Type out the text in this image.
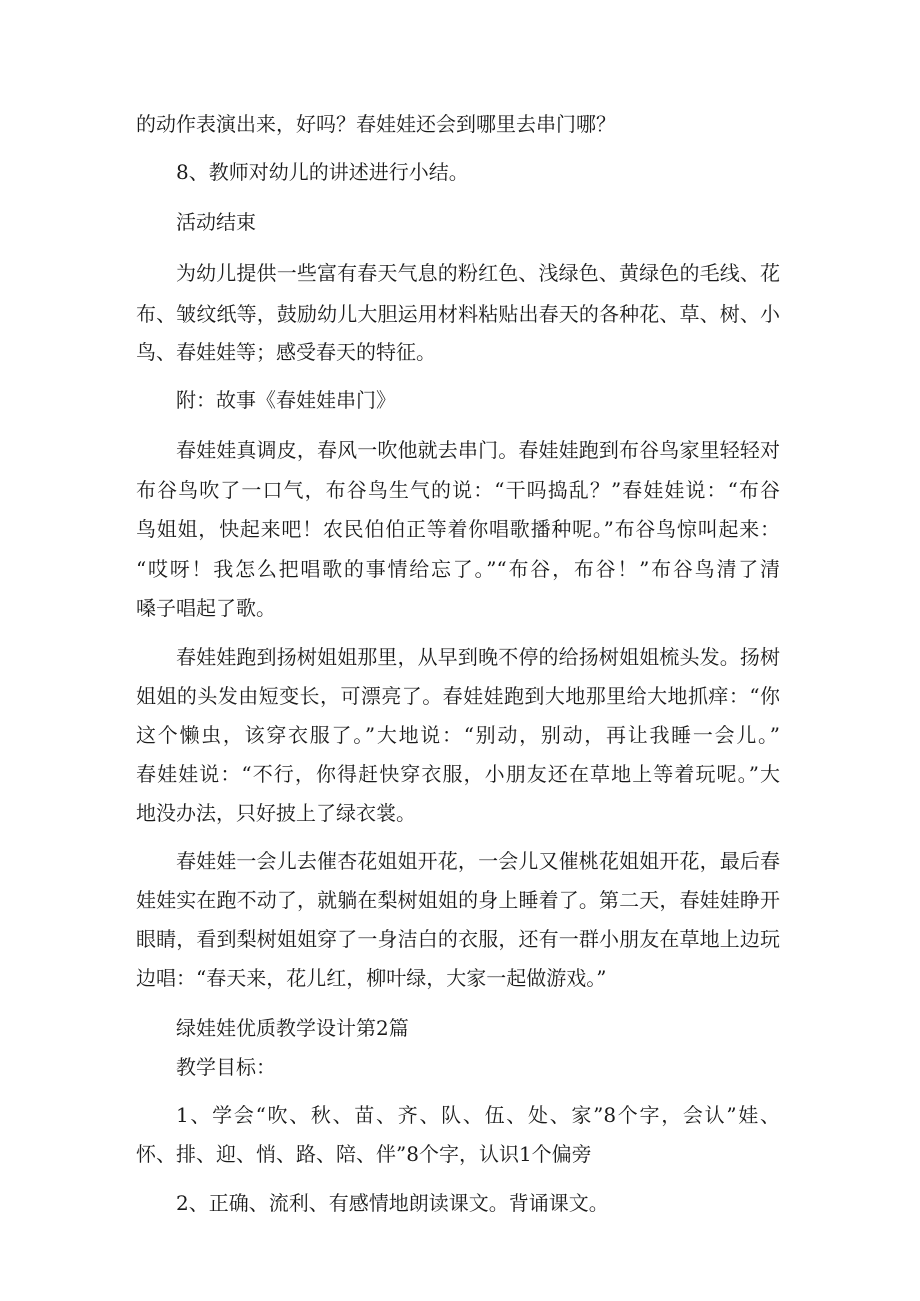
的动作表演出来，好吗？春娃娃还会到哪里去串门哪？
8、教师对幼儿的讲述进行小结。
活动结束
为幼儿提供一些富有春天气息的粉红色、浅绿色、黄绿色的毛线、花
布、皱纹纸等，鼓励幼儿大胆运用材料粘贴出春天的各种花、草、树、小
鸟、春娃娃等；感受春天的特征。
附：故事《春娃娃串门》
春娃娃真调皮，春风一吹他就去串门。春娃娃跑到布谷鸟家里轻轻对
布谷鸟吹了一口气，布谷鸟生气的说：“干吗捣乱？”春娃娃说：“布谷
鸟姐姐，快起来吧！农民伯伯正等着你唱歌播种呢。”布谷鸟惊叫起来：
“哎呀！我怎么把唱歌的事情给忘了。”“布谷，布谷！”布谷鸟清了清
嗓子唱起了歌。
春娃娃跑到扬树姐姐那里，从早到晚不停的给扬树姐姐梳头发。扬树
姐姐的头发由短变长，可漂亮了。春娃娃跑到大地那里给大地抓痒：“你
这个懒虫，该穿衣服了。”大地说：“别动，别动，再让我睡一会儿。”
春娃娃说：“不行，你得赶快穿衣服，小朋友还在草地上等着玩呢。”大
地没办法，只好披上了绿衣裳。
春娃娃一会儿去催杏花姐姐开花，一会儿又催桃花姐姐开花，最后春
娃娃实在跑不动了，就躺在梨树姐姐的身上睡着了。第二天，春娃娃睁开
眼睛，看到梨树姐姐穿了一身洁白的衣服，还有一群小朋友在草地上边玩
边唱：“春天来，花儿红，柳叶绿，大家一起做游戏。”
绿娃娃优质教学设计第2篇
教学目标：
1、学会“吹、秋、苗、齐、队、伍、处、家”8个字，会认”娃、
怀、排、迎、悄、路、陪、伴”8个字，认识1个偏旁
2、正确、流利、有感情地朗读课文。背诵课文。
